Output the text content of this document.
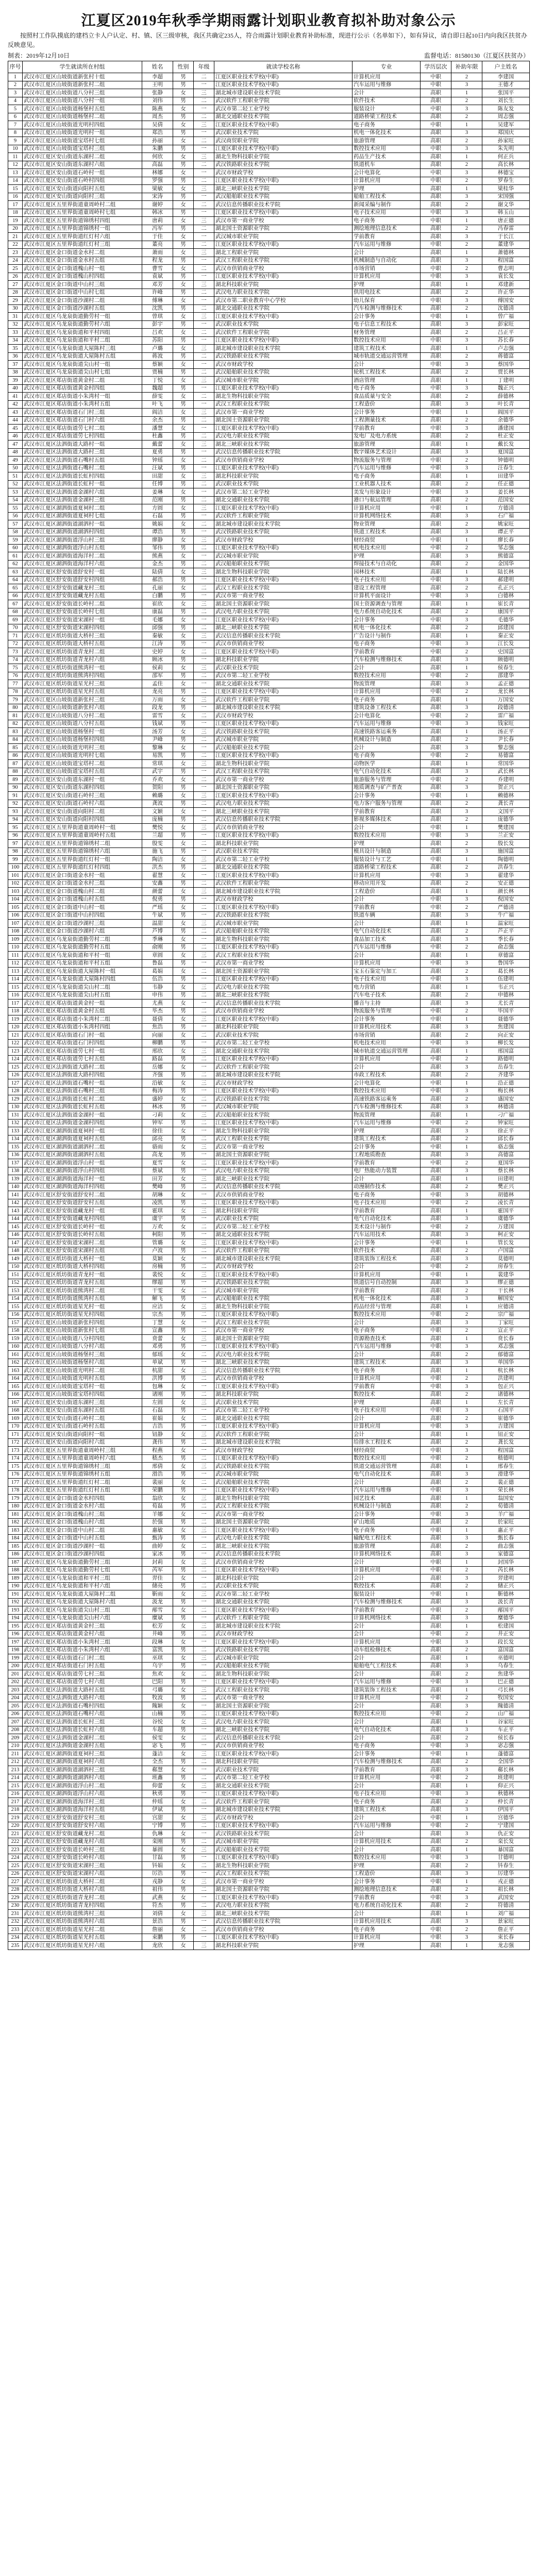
江夏区2019年秋季学期雨露计划职业教育拟补助对象公示
按照村工作队摸底的建档立卡人户认定、村、镇、区三级审核，我区共确定235人，符合雨露计划职业教育补助标准，现进行公示（名单如下），如有异议，请自即日起10日内向我区扶贫办反映意见。
制表：2019年12月10日	监督电话：81580130（江夏区扶贫办）
序号	学生就读所在村组	姓名	性别	年级	就读学校名称	专业	学历层次	补助年限	户主姓名
1	武汉市江夏区山坡街道新张村十组	李超	男	二	江夏区职业技术学校(中职)	计算机应用	中职	2	李建国
2	武汉市江夏区山坡街道新张村二组	王明	男	一	江夏区职业技术学校(中职)	汽车运用与维修	中职	3	王德才
3	武汉市江夏区山坡街道八分村三组	张静	女	三	湖北城市建设职业技术学院	会计	高职	1	张国平
4	武汉市江夏区山坡街道八分村一组	刘伟	男	二	武汉软件工程职业学院	软件技术	高职	2	刘长生
5	武汉市江夏区山坡街道杨堡村五组	陈燕	女	一	武汉市第二轻工业学校	服装设计	中职	3	陈友发
6	武汉市江夏区山坡街道杨堡村二组	周杰	男	二	湖北交通职业技术学院	道路桥梁工程技术	高职	2	周志强
7	武汉市江夏区山坡街道光明村四组	吴倩	女	三	江夏区职业技术学校(中职)	电子商务	中职	1	吴建军
8	武汉市江夏区山坡街道光明村一组	郑浩	男	一	武汉职业技术学院	机电一体化技术	高职	3	郑国庆
9	武汉市江夏区山坡街道宝塔村七组	孙丽	女	二	武汉商贸职业学院	旅游管理	高职	2	孙家旺
10	武汉市江夏区山坡街道宝塔村三组	朱鹏	男	一	江夏区职业技术学校(中职)	数控技术应用	中职	3	朱先明
11	武汉市江夏区安山街道东湖村二组	何欣	女	三	湖北生物科技职业学院	药品生产技术	高职	1	何正兵
12	武汉市江夏区安山街道东湖村六组	高磊	男	二	武汉铁路职业技术学院	铁道机车	高职	2	高长林
13	武汉市江夏区安山街道石岭村一组	林娜	女	一	武汉市财政学校	会计电算化	中职	3	林德宝
14	武汉市江夏区安山街道石岭村四组	罗强	男	二	江夏区职业技术学校(中职)	计算机应用	中职	2	罗春生
15	武汉市江夏区安山街道向阳村五组	梁敏	女	三	湖北三峡职业技术学院	护理	高职	1	梁桂华
16	武汉市江夏区安山街道向阳村三组	宋涛	男	一	武汉船舶职业技术学院	船舶工程技术	高职	3	宋国强
17	武汉市江夏区五里界街道童周岭村二组	谢婷	女	二	武汉信息传播职业技术学院	新闻采编与制作	高职	2	谢文华
18	武汉市江夏区五里界街道童周岭村七组	韩冰	男	一	江夏区职业技术学校(中职)	电子技术应用	中职	3	韩玉山
19	武汉市江夏区五里界街道锦绣村四组	唐莉	女	三	武汉市第一商业学校	电子商务	中职	1	唐正德
20	武汉市江夏区五里界街道锦绣村一组	冯军	男	二	湖北国土资源职业学院	测绘地理信息技术	高职	2	冯春雷
21	武汉市江夏区五里界街道红灯村六组	于佳	女	一	武汉城市职业学院	学前教育	高职	3	于长江
22	武汉市江夏区五里界街道红灯村三组	董亮	男	二	江夏区职业技术学校(中职)	汽车运用与维修	中职	2	董建华
23	武汉市江夏区金口街道金水村二组	萧雨	女	三	湖北工程职业学院	会计	高职	1	萧德林
24	武汉市江夏区金口街道金水村五组	程龙	男	一	武汉工程职业技术学院	机械制造与自动化	高职	3	程国富
25	武汉市江夏区金口街道槐山村一组	曹雪	女	二	武汉市供销商业学校	市场营销	中职	2	曹志明
26	武汉市江夏区金口街道槐山村四组	袁斌	男	一	江夏区职业技术学校(中职)	计算机应用	中职	3	袁长发
27	武汉市江夏区金口街道中山村三组	邓芳	女	三	湖北科技职业学院	护理	高职	1	邓建新
28	武汉市江夏区金口街道中山村七组	许峰	男	二	武汉电力职业技术学院	供用电技术	高职	2	许正华
29	武汉市江夏区金口街道沙湖村二组	傅琳	女	一	武汉市第二职业教育中心学校	幼儿保育	中职	3	傅国安
30	武汉市江夏区金口街道沙湖村五组	沈凯	男	二	湖北交通职业技术学院	汽车检测与维修技术	高职	2	沈德清
31	武汉市江夏区乌龙泉街道勤劳村一组	曾琪	女	三	江夏区职业技术学校(中职)	会计事务	中职	1	曾广福
32	武汉市江夏区乌龙泉街道勤劳村六组	彭宇	男	一	武汉职业技术学院	电子信息工程技术	高职	3	彭家旺
33	武汉市江夏区乌龙泉街道和平村四组	吕欢	女	二	武汉软件工程职业学院	财务管理	高职	2	吕正平
34	武汉市江夏区乌龙泉街道和平村二组	苏阳	男	一	江夏区职业技术学校(中职)	数控技术应用	中职	3	苏长春
35	武汉市江夏区乌龙泉街道大屋陈村三组	卢璐	女	三	湖北城市建设职业技术学院	建筑工程技术	高职	1	卢志强
36	武汉市江夏区乌龙泉街道大屋陈村五组	蒋波	男	二	武汉铁路职业技术学院	城市轨道交通运营管理	高职	2	蒋德富
37	武汉市江夏区乌龙泉街道尖山村一组	蔡颖	女	一	武汉市财政学校	会计	中职	3	蔡国华
38	武汉市江夏区乌龙泉街道尖山村七组	贾楠	男	二	武汉船舶职业技术学院	轮机工程技术	高职	2	贾长林
39	武汉市江夏区郑店街道黄金村二组	丁悦	女	三	武汉城市职业学院	酒店管理	高职	1	丁建明
40	武汉市江夏区郑店街道黄金村四组	魏超	男	一	江夏区职业技术学校(中职)	电子商务	中职	3	魏正兴
41	武汉市江夏区郑店街道小朱湾村一组	薛雯	女	二	湖北生物科技职业学院	食品质量与安全	高职	2	薛德林
42	武汉市江夏区郑店街道小朱湾村五组	叶飞	男	一	武汉工程职业技术学院	工程造价	高职	3	叶长青
43	武汉市江夏区郑店街道石门村三组	阎洁	女	三	武汉市第一商业学校	会计事务	中职	1	阎国平
44	武汉市江夏区郑店街道石门村六组	余杰	男	二	湖北国土资源职业学院	工程测量技术	高职	2	余德华
45	武汉市江夏区郑店街道劳七村二组	潘慧	女	一	江夏区职业技术学校(中职)	学前教育	中职	3	潘建国
46	武汉市江夏区郑店街道劳七村四组	杜鑫	男	二	武汉电力职业技术学院	发电厂及电力系统	高职	2	杜正安
47	武汉市江夏区法泗街道大路村一组	戴蕾	女	三	湖北三峡职业技术学院	旅游管理	高职	1	戴长发
48	武汉市江夏区法泗街道大路村三组	夏勇	男	一	武汉信息传播职业技术学院	数字媒体艺术设计	高职	3	夏国富
49	武汉市江夏区法泗街道石嘴村五组	钟瑶	女	二	武汉市供销商业学校	物流服务与管理	中职	2	钟德明
50	武汉市江夏区法泗街道石嘴村二组	汪斌	男	一	江夏区职业技术学校(中职)	汽车运用与维修	中职	3	汪春生
51	武汉市江夏区法泗街道长虹村四组	田甜	女	三	湖北科技职业学院	电子商务	高职	1	田建华
52	武汉市江夏区法泗街道长虹村一组	任博	男	二	武汉职业技术学院	工业机器人技术	高职	2	任正德
53	武汉市江夏区法泗街道金湖村六组	姜琳	女	一	武汉市第二轻工业学校	美发与形象设计	中职	3	姜长林
54	武汉市江夏区法泗街道金湖村三组	范刚	男	二	湖北交通职业技术学院	港口与航运管理	高职	2	范国安
55	武汉市江夏区湖泗街道夏祠村二组	方圆	女	三	江夏区职业技术学校(中职)	计算机应用	中职	1	方德清
56	武汉市江夏区湖泗街道夏祠村七组	石磊	男	一	武汉软件工程职业学院	计算机网络技术	高职	3	石广福
57	武汉市江夏区湖泗街道湖泗村一组	姚娟	女	二	湖北城市建设职业技术学院	物业管理	高职	2	姚家旺
58	武汉市江夏区湖泗街道湖泗村四组	谭浩	男	一	武汉铁路职业技术学院	铁道工程技术	高职	3	谭正平
59	武汉市江夏区湖泗街道浮山村三组	廖静	女	三	武汉市财政学校	财经商贸	中职	1	廖长春
60	武汉市江夏区湖泗街道浮山村五组	邹伟	男	二	江夏区职业技术学校(中职)	机电技术应用	中职	2	邹志强
61	武汉市江夏区湖泗街道海洋村二组	熊燕	女	一	武汉城市职业学院	护理	高职	3	熊德富
62	武汉市江夏区湖泗街道海洋村六组	金杰	男	二	武汉船舶职业技术学院	焊接技术与自动化	高职	2	金国华
63	武汉市江夏区舒安街道舒安村一组	陆倩	女	三	湖北生物科技职业学院	园林技术	高职	1	陆长林
64	武汉市江夏区舒安街道舒安村四组	郝浩	男	一	江夏区职业技术学校(中职)	电子技术应用	中职	3	郝建明
65	武汉市江夏区舒安街道藏龙村三组	孔丽	女	二	武汉工程职业技术学院	建设工程管理	高职	2	孔正兴
66	武汉市江夏区舒安街道藏龙村五组	白鹏	男	一	武汉市第一商业学校	计算机平面设计	中职	3	白德林
67	武汉市江夏区舒安街道长岭村二组	崔欣	女	三	湖北国土资源职业学院	国土资源调查与管理	高职	1	崔长青
68	武汉市江夏区舒安街道长岭村七组	康磊	男	二	武汉电力职业技术学院	电力系统自动化技术	高职	2	康国平
69	武汉市江夏区舒安街道宋湖村一组	毛娜	女	一	江夏区职业技术学校(中职)	会计事务	中职	3	毛德华
70	武汉市江夏区舒安街道宋湖村四组	邱强	男	二	湖北三峡职业技术学院	机电一体化技术	高职	2	邱建国
71	武汉市江夏区纸坊街道大桥村三组	秦敏	女	三	武汉信息传播职业技术学院	广告设计与制作	高职	1	秦正安
72	武汉市江夏区纸坊街道大桥村五组	江涛	男	一	武汉市供销商业学校	电子商务	中职	3	江长发
73	武汉市江夏区纸坊街道青龙村二组	史婷	女	二	江夏区职业技术学校(中职)	学前教育	中职	2	史国富
74	武汉市江夏区纸坊街道青龙村六组	顾冰	男	一	湖北科技职业学院	汽车检测与维修技术	高职	3	顾德明
75	武汉市江夏区纸坊街道熊湾村一组	侯莉	女	三	武汉职业技术学院	会计	高职	1	侯春生
76	武汉市江夏区纸坊街道熊湾村四组	邵军	男	二	武汉市第二轻工业学校	数控技术应用	中职	2	邵建华
77	武汉市江夏区纸坊街道星光村三组	孟佳	女	一	湖北交通职业技术学院	物流管理	高职	3	孟正德
78	武汉市江夏区纸坊街道星光村五组	龙亮	男	二	江夏区职业技术学校(中职)	计算机应用	中职	2	龙长林
79	武汉市江夏区山坡街道新张村三组	万雨	女	三	武汉软件工程职业学院	电子商务	高职	1	万国安
80	武汉市江夏区山坡街道新张村六组	段龙	男	一	湖北城市建设职业技术学院	建筑设备工程技术	高职	3	段德清
81	武汉市江夏区山坡街道八分村二组	雷雪	女	二	武汉市财政学校	会计电算化	中职	2	雷广福
82	武汉市江夏区山坡街道八分村五组	钱斌	男	一	江夏区职业技术学校(中职)	汽车运用与维修	中职	3	钱家旺
83	武汉市江夏区山坡街道杨堡村一组	汤芳	女	三	武汉铁路职业技术学院	高速铁路客运乘务	高职	1	汤正平
84	武汉市江夏区山坡街道杨堡村四组	尹峰	男	二	武汉城市职业学院	机械设计与制造	高职	2	尹长春
85	武汉市江夏区山坡街道光明村三组	黎琳	女	一	武汉船舶职业技术学院	会计	高职	3	黎志强
86	武汉市江夏区山坡街道光明村七组	易凯	男	二	江夏区职业技术学校(中职)	电子商务	中职	2	易德富
87	武汉市江夏区山坡街道宝塔村二组	常琪	女	三	湖北生物科技职业学院	动物医学	高职	1	常国华
88	武汉市江夏区山坡街道宝塔村五组	武宇	男	一	武汉工程职业技术学院	电气自动化技术	高职	3	武长林
89	武汉市江夏区安山街道东湖村一组	乔欢	女	二	武汉市第一商业学校	旅游服务与管理	中职	2	乔建明
90	武汉市江夏区安山街道东湖村四组	贺阳	男	一	湖北国土资源职业学院	地质调查与矿产普查	高职	3	贺正兴
91	武汉市江夏区安山街道石岭村三组	赖璐	女	三	江夏区职业技术学校(中职)	会计事务	中职	1	赖德林
92	武汉市江夏区安山街道石岭村六组	龚波	男	二	武汉电力职业技术学院	电力客户服务与管理	高职	2	龚长青
93	武汉市江夏区安山街道向阳村二组	文颖	女	一	湖北三峡职业技术学院	学前教育	高职	3	文国平
94	武汉市江夏区安山街道向阳村四组	庞楠	男	二	武汉信息传播职业技术学院	影视多媒体技术	高职	2	庞德华
95	武汉市江夏区五里界街道童周岭村一组	樊悦	女	三	武汉市供销商业学校	会计	中职	1	樊建国
96	武汉市江夏区五里界街道童周岭村五组	兰超	男	一	江夏区职业技术学校(中职)	数控技术应用	中职	3	兰正安
97	武汉市江夏区五里界街道锦绣村二组	殷雯	女	二	湖北科技职业学院	护理	高职	2	殷长发
98	武汉市江夏区五里界街道锦绣村六组	施飞	男	一	武汉职业技术学院	模具设计与制造	高职	3	施国富
99	武汉市江夏区五里界街道红灯村一组	陶洁	女	三	武汉市第二轻工业学校	服装设计与工艺	中职	1	陶德明
100	武汉市江夏区五里界街道红灯村四组	洪杰	男	二	湖北交通职业技术学院	道路桥梁工程技术	高职	2	洪春生
101	武汉市江夏区金口街道金水村一组	翟慧	女	一	江夏区职业技术学校(中职)	计算机应用	中职	3	翟建华
102	武汉市江夏区金口街道金水村三组	安鑫	男	二	武汉软件工程职业学院	移动应用开发	高职	2	安正德
103	武汉市江夏区金口街道槐山村二组	颜蕾	女	三	湖北城市建设职业技术学院	工程造价	高职	1	颜长林
104	武汉市江夏区金口街道槐山村五组	倪勇	男	一	武汉市财政学校	会计	中职	3	倪国安
105	武汉市江夏区金口街道中山村一组	严瑶	女	二	江夏区职业技术学校(中职)	学前教育	中职	2	严德清
106	武汉市江夏区金口街道中山村四组	牛斌	男	一	武汉铁路职业技术学院	铁道车辆	高职	3	牛广福
107	武汉市江夏区金口街道沙湖村三组	温甜	女	三	武汉城市职业学院	会计	高职	1	温家旺
108	武汉市江夏区金口街道沙湖村六组	芦博	男	二	武汉船舶职业技术学院	电气自动化技术	高职	2	芦正平
109	武汉市江夏区乌龙泉街道勤劳村二组	季琳	女	一	湖北生物科技职业学院	食品加工技术	高职	3	季长春
110	武汉市江夏区乌龙泉街道勤劳村五组	俞刚	男	二	江夏区职业技术学校(中职)	汽车运用与维修	中职	2	俞志强
111	武汉市江夏区乌龙泉街道和平村一组	章圆	女	三	武汉工程职业技术学院	会计	高职	1	章德富
112	武汉市江夏区乌龙泉街道和平村五组	鲁磊	男	一	武汉市第一商业学校	计算机应用	中职	3	鲁国华
113	武汉市江夏区乌龙泉街道大屋陈村一组	葛娟	女	二	湖北国土资源职业学院	宝玉石鉴定与加工	高职	2	葛长林
114	武汉市江夏区乌龙泉街道大屋陈村四组	伍浩	男	一	江夏区职业技术学校(中职)	电子技术应用	中职	3	伍建明
115	武汉市江夏区乌龙泉街道尖山村二组	韦静	女	三	武汉电力职业技术学院	电力营销	高职	1	韦正兴
116	武汉市江夏区乌龙泉街道尖山村五组	申伟	男	二	湖北三峡职业技术学院	汽车电子技术	高职	2	申德林
117	武汉市江夏区郑店街道黄金村一组	尤燕	女	一	武汉信息传播职业技术学院	播音与主持	高职	3	尤长青
118	武汉市江夏区郑店街道黄金村五组	毕杰	男	二	武汉市供销商业学校	物流服务与管理	中职	2	毕国平
119	武汉市江夏区郑店街道小朱湾村二组	聂倩	女	三	江夏区职业技术学校(中职)	会计事务	中职	1	聂德华
120	武汉市江夏区郑店街道小朱湾村四组	焦浩	男	一	湖北科技职业学院	计算机应用技术	高职	3	焦建国
121	武汉市江夏区郑店街道石门村一组	向丽	女	二	武汉职业技术学院	市场营销	高职	2	向正安
122	武汉市江夏区郑店街道石门村四组	柳鹏	男	一	武汉市第二轻工业学校	机电技术应用	中职	3	柳长发
123	武汉市江夏区郑店街道劳七村一组	邢欣	女	三	湖北交通职业技术学院	城市轨道交通运营管理	高职	1	邢国富
124	武汉市江夏区郑店街道劳七村五组	路磊	男	二	江夏区职业技术学校(中职)	计算机应用	中职	2	路德明
125	武汉市江夏区法泗街道大路村二组	岳娜	女	一	武汉软件工程职业学院	会计	高职	3	岳春生
126	武汉市江夏区法泗街道大路村四组	齐强	男	二	湖北城市建设职业技术学院	市政工程技术	高职	2	齐建华
127	武汉市江夏区法泗街道石嘴村一组	沿敏	女	三	武汉市财政学校	会计电算化	中职	1	沿正德
128	武汉市江夏区法泗街道石嘴村三组	梅涛	男	一	江夏区职业技术学校(中职)	数控技术应用	中职	3	梅长林
129	武汉市江夏区法泗街道长虹村二组	盛婷	女	二	武汉铁路职业技术学院	高速铁路客运乘务	高职	2	盛国安
130	武汉市江夏区法泗街道长虹村五组	林冰	男	一	武汉城市职业学院	汽车检测与维修技术	高职	3	林德清
131	武汉市江夏区法泗街道金湖村一组	刁莉	女	三	武汉船舶职业技术学院	物流管理	高职	1	刁广福
132	武汉市江夏区法泗街道金湖村四组	钟军	男	二	江夏区职业技术学校(中职)	汽车运用与维修	中职	2	钟家旺
133	武汉市江夏区湖泗街道夏祠村一组	徐佳	女	一	湖北生物科技职业学院	护理	高职	3	徐正平
134	武汉市江夏区湖泗街道夏祠村五组	邱亮	男	二	武汉工程职业技术学院	建筑工程技术	高职	2	邱长春
135	武汉市江夏区湖泗街道湖泗村二组	骆雨	女	三	武汉市第一商业学校	会计事务	中职	1	骆志强
136	武汉市江夏区湖泗街道湖泗村五组	高龙	男	一	湖北国土资源职业学院	工程地质勘查	高职	3	高德富
137	武汉市江夏区湖泗街道浮山村一组	夏雪	女	二	江夏区职业技术学校(中职)	学前教育	中职	2	夏国华
138	武汉市江夏区湖泗街道浮山村四组	蔡斌	男	一	武汉电力职业技术学院	电厂热能动力装置	高职	3	蔡长林
139	武汉市江夏区湖泗街道海洋村一组	田芳	女	三	湖北三峡职业技术学院	会计	高职	1	田建明
140	武汉市江夏区湖泗街道海洋村四组	樊峰	男	二	武汉信息传播职业技术学院	动漫制作技术	高职	2	樊正兴
141	武汉市江夏区舒安街道舒安村二组	胡琳	女	一	武汉市供销商业学校	电子商务	中职	3	胡德林
142	武汉市江夏区舒安街道舒安村五组	凌凯	男	二	江夏区职业技术学校(中职)	电子技术应用	中职	2	凌长青
143	武汉市江夏区舒安街道藏龙村一组	霍琪	女	三	湖北科技职业学院	学前教育	高职	1	霍国平
144	武汉市江夏区舒安街道藏龙村四组	虞宇	男	一	武汉职业技术学院	电气自动化技术	高职	3	虞德华
145	武汉市江夏区舒安街道长岭村一组	万欢	女	二	武汉市第二轻工业学校	美术设计与制作	中职	2	万建国
146	武汉市江夏区舒安街道长岭村五组	柯阳	男	一	湖北交通职业技术学院	汽车运用技术	高职	3	柯正安
147	武汉市江夏区舒安街道宋湖村二组	管璐	女	三	江夏区职业技术学校(中职)	会计事务	中职	1	管长发
148	武汉市江夏区舒安街道宋湖村五组	卢波	男	二	武汉软件工程职业学院	软件技术	高职	2	卢国富
149	武汉市江夏区纸坊街道大桥村一组	莫颖	女	一	湖北城市建设职业技术学院	建筑装饰工程技术	高职	3	莫德明
150	武汉市江夏区纸坊街道大桥村四组	房楠	男	二	武汉市财政学校	会计	中职	2	房春生
151	武汉市江夏区纸坊街道青龙村一组	裴悦	女	三	江夏区职业技术学校(中职)	计算机应用	中职	1	裴建华
152	武汉市江夏区纸坊街道青龙村五组	缪超	男	一	武汉铁路职业技术学院	铁道信号自动控制	高职	3	缪正德
153	武汉市江夏区纸坊街道熊湾村二组	干雯	女	二	武汉城市职业学院	学前教育	高职	2	干长林
154	武汉市江夏区纸坊街道熊湾村五组	解飞	男	一	武汉船舶职业技术学院	机电一体化技术	高职	3	解国安
155	武汉市江夏区纸坊街道星光村一组	应洁	女	三	湖北生物科技职业学院	药品经营与管理	高职	1	应德清
156	武汉市江夏区纸坊街道星光村四组	宗杰	男	二	江夏区职业技术学校(中职)	数控技术应用	中职	2	宗广福
157	武汉市江夏区山坡街道新张村四组	丁慧	女	一	武汉工程职业技术学院	会计	高职	3	丁家旺
158	武汉市江夏区山坡街道新张村七组	宣鑫	男	二	武汉市第一商业学校	电子商务	中职	2	宣正平
159	武汉市江夏区山坡街道八分村四组	贲蕾	女	三	湖北国土资源职业学院	资源勘查技术	高职	1	贲长春
160	武汉市江夏区山坡街道八分村六组	邓勇	男	一	江夏区职业技术学校(中职)	汽车运用与维修	中职	3	邓志强
161	武汉市江夏区山坡街道杨堡村三组	郁瑶	女	二	武汉电力职业技术学院	会计	高职	2	郁德富
162	武汉市江夏区山坡街道杨堡村六组	单斌	男	一	湖北三峡职业技术学院	建筑工程技术	高职	3	单国华
163	武汉市江夏区山坡街道光明村二组	杭甜	女	三	武汉信息传播职业技术学院	电子商务	高职	1	杭长林
164	武汉市江夏区山坡街道光明村五组	洪博	男	二	武汉市供销商业学校	计算机应用	中职	2	洪建明
165	武汉市江夏区山坡街道宝塔村一组	包琳	女	一	江夏区职业技术学校(中职)	学前教育	中职	3	包正兴
166	武汉市江夏区山坡街道宝塔村四组	诸刚	男	二	湖北科技职业学院	数控技术	高职	2	诸德林
167	武汉市江夏区安山街道东湖村三组	左圆	女	三	武汉职业技术学院	护理	高职	1	左长青
168	武汉市江夏区安山街道东湖村五组	石磊	男	一	武汉市第二轻工业学校	电子技术应用	中职	3	石国平
169	武汉市江夏区安山街道石岭村二组	崔娟	女	二	湖北交通职业技术学院	会计	高职	2	崔德华
170	武汉市江夏区安山街道石岭村五组	吉浩	男	一	江夏区职业技术学校(中职)	计算机应用	中职	3	吉建国
171	武汉市江夏区安山街道向阳村一组	钮静	女	三	武汉软件工程职业学院	会计	高职	1	钮正安
172	武汉市江夏区安山街道向阳村六组	龚伟	男	二	湖北城市建设职业技术学院	给排水工程技术	高职	2	龚长发
173	武汉市江夏区五里界街道童周岭村三组	程燕	女	一	武汉市财政学校	财经商贸	中职	3	程国富
174	武汉市江夏区五里界街道童周岭村六组	嵇杰	男	二	江夏区职业技术学校(中职)	数控技术应用	中职	2	嵇德明
175	武汉市江夏区五里界街道锦绣村三组	邢倩	女	三	武汉铁路职业技术学院	铁道交通运营管理	高职	1	邢春生
176	武汉市江夏区五里界街道锦绣村五组	滑浩	男	一	武汉城市职业学院	电气自动化技术	高职	3	滑建华
177	武汉市江夏区五里界街道红灯村二组	裴丽	女	二	武汉船舶职业技术学院	会计	高职	2	裴正德
178	武汉市江夏区五里界街道红灯村五组	荣鹏	男	一	江夏区职业技术学校(中职)	汽车运用与维修	中职	3	荣长林
179	武汉市江夏区金口街道金水村四组	翁欣	女	三	湖北生物科技职业学院	园艺技术	高职	1	翁国安
180	武汉市江夏区金口街道金水村六组	荀磊	男	二	武汉工程职业技术学院	机械设计与制造	高职	2	荀德清
181	武汉市江夏区金口街道槐山村三组	羊娜	女	一	武汉市第一商业学校	会计事务	中职	3	羊广福
182	武汉市江夏区金口街道槐山村六组	於强	男	二	湖北国土资源职业学院	矿山地质	高职	2	於家旺
183	武汉市江夏区金口街道中山村二组	惠敏	女	三	江夏区职业技术学校(中职)	电子商务	中职	1	惠正平
184	武汉市江夏区金口街道中山村五组	甄涛	男	一	武汉电力职业技术学院	输配电工程技术	高职	3	甄长春
185	武汉市江夏区金口街道沙湖村一组	曲婷	女	二	湖北三峡职业技术学院	旅游管理	高职	2	曲志强
186	武汉市江夏区金口街道沙湖村四组	家冰	男	一	武汉信息传播职业技术学院	计算机网络技术	高职	3	家德富
187	武汉市江夏区乌龙泉街道勤劳村三组	封莉	女	三	武汉市供销商业学校	会计	中职	1	封国华
188	武汉市江夏区乌龙泉街道勤劳村七组	芮军	男	二	江夏区职业技术学校(中职)	计算机应用	中职	2	芮长林
189	武汉市江夏区乌龙泉街道和平村三组	羿佳	女	一	湖北科技职业学院	会计	高职	3	羿建明
190	武汉市江夏区乌龙泉街道和平村六组	储亮	男	二	武汉职业技术学院	数控技术	高职	2	储正兴
191	武汉市江夏区乌龙泉街道大屋陈村二组	靳雨	女	三	武汉市第二轻工业学校	服装设计	中职	1	靳德林
192	武汉市江夏区乌龙泉街道大屋陈村六组	汲龙	男	一	湖北交通职业技术学院	汽车检测与维修技术	高职	3	汲长青
193	武汉市江夏区乌龙泉街道尖山村三组	邴雪	女	二	江夏区职业技术学校(中职)	学前教育	中职	2	邴国平
194	武汉市江夏区乌龙泉街道尖山村六组	糜斌	男	一	武汉软件工程职业学院	计算机网络技术	高职	3	糜德华
195	武汉市江夏区郑店街道黄金村三组	松芳	女	三	湖北城市建设职业技术学院	会计	高职	1	松建国
196	武汉市江夏区郑店街道黄金村六组	井峰	男	二	武汉市财政学校	会计	中职	2	井正安
197	武汉市江夏区郑店街道小朱湾村三组	段琳	女	一	江夏区职业技术学校(中职)	计算机应用	中职	3	段长发
198	武汉市江夏区郑店街道小朱湾村六组	富凯	男	二	武汉铁路职业技术学院	动车组检修技术	高职	2	富国富
199	武汉市江夏区郑店街道石门村二组	巫琪	女	三	武汉城市职业学院	会计	高职	1	巫德明
200	武汉市江夏区郑店街道石门村五组	乌宇	男	一	武汉船舶职业技术学院	船舶电气工程技术	高职	3	乌春生
201	武汉市江夏区郑店街道劳七村三组	焦欢	女	二	湖北生物科技职业学院	会计	高职	2	焦建华
202	武汉市江夏区郑店街道劳七村六组	巴阳	男	一	江夏区职业技术学校(中职)	汽车运用与维修	中职	3	巴正德
203	武汉市江夏区法泗街道大路村五组	弓璐	女	三	武汉工程职业技术学院	建筑装饰工程技术	高职	1	弓长林
204	武汉市江夏区法泗街道大路村六组	牧波	男	二	武汉市第一商业学校	计算机应用	中职	2	牧国安
205	武汉市江夏区法泗街道石嘴村四组	隗颖	女	一	湖北国土资源职业学院	会计	高职	3	隗德清
206	武汉市江夏区法泗街道石嘴村六组	山楠	男	二	江夏区职业技术学校(中职)	数控技术应用	中职	2	山广福
207	武汉市江夏区法泗街道长虹村三组	谷悦	女	三	武汉电力职业技术学院	会计	高职	1	谷家旺
208	武汉市江夏区法泗街道长虹村六组	车超	男	一	湖北三峡职业技术学院	电气自动化技术	高职	3	车正平
209	武汉市江夏区法泗街道金湖村二组	侯雯	女	二	武汉信息传播职业技术学院	会计	高职	2	侯长春
210	武汉市江夏区法泗街道金湖村五组	宓飞	男	一	武汉市供销商业学校	电子商务	中职	3	宓志强
211	武汉市江夏区湖泗街道夏祠村三组	蓬洁	女	三	江夏区职业技术学校(中职)	会计事务	中职	1	蓬德富
212	武汉市江夏区湖泗街道夏祠村六组	全杰	男	二	湖北科技职业学院	汽车检测与维修技术	高职	2	全国华
213	武汉市江夏区湖泗街道湖泗村三组	郗慧	女	一	武汉职业技术学院	学前教育	高职	3	郗长林
214	武汉市江夏区湖泗街道湖泗村六组	班鑫	男	二	武汉市第二轻工业学校	计算机应用	中职	2	班建明
215	武汉市江夏区湖泗街道浮山村二组	仰蕾	女	三	湖北交通职业技术学院	会计	高职	1	仰正兴
216	武汉市江夏区湖泗街道浮山村六组	秋勇	男	一	江夏区职业技术学校(中职)	电子技术应用	中职	3	秋德林
217	武汉市江夏区湖泗街道海洋村三组	仲瑶	女	二	武汉软件工程职业学院	电子商务	高职	2	仲长青
218	武汉市江夏区湖泗街道海洋村五组	伊斌	男	一	湖北城市建设职业技术学院	建筑工程技术	高职	3	伊国平
219	武汉市江夏区舒安街道舒安村三组	宫甜	女	三	武汉市财政学校	会计	中职	1	宫德华
220	武汉市江夏区舒安街道舒安村六组	宁博	男	二	江夏区职业技术学校(中职)	汽车运用与维修	中职	2	宁建国
221	武汉市江夏区舒安街道藏龙村二组	仇琳	女	一	武汉铁路职业技术学院	会计	高职	3	仇正安
222	武汉市江夏区舒安街道藏龙村六组	栾刚	男	二	武汉城市职业学院	计算机应用技术	高职	2	栾长发
223	武汉市江夏区舒安街道长岭村三组	暴圆	女	三	武汉船舶职业技术学院	会计	高职	1	暴国富
224	武汉市江夏区舒安街道长岭村六组	甘磊	男	一	江夏区职业技术学校(中职)	数控技术应用	中职	3	甘德明
225	武汉市江夏区舒安街道宋湖村三组	钭娟	女	二	湖北生物科技职业学院	护理	高职	2	钭春生
226	武汉市江夏区舒安街道宋湖村六组	厉浩	男	一	武汉工程职业技术学院	工程造价	高职	3	厉建华
227	武汉市江夏区纸坊街道大桥村二组	戎静	女	三	武汉市第一商业学校	会计事务	中职	1	戎正德
228	武汉市江夏区纸坊街道大桥村六组	祖伟	男	二	湖北国土资源职业学院	测绘地理信息技术	高职	2	祖长林
229	武汉市江夏区纸坊街道青龙村二组	武燕	女	一	江夏区职业技术学校(中职)	学前教育	中职	3	武国安
230	武汉市江夏区纸坊街道青龙村四组	符杰	男	二	武汉电力职业技术学院	电力系统自动化技术	高职	2	符德清
231	武汉市江夏区纸坊街道熊湾村三组	刘倩	女	三	湖北三峡职业技术学院	会计	高职	1	刘广福
232	武汉市江夏区纸坊街道熊湾村六组	景浩	男	一	武汉信息传播职业技术学院	计算机应用技术	高职	3	景家旺
233	武汉市江夏区纸坊街道星光村二组	詹丽	女	二	武汉市供销商业学校	电子商务	中职	2	詹正平
234	武汉市江夏区纸坊街道星光村五组	束鹏	男	一	江夏区职业技术学校(中职)	计算机应用	中职	3	束长春
235	武汉市江夏区纸坊街道星光村六组	龙欣	女	三	湖北科技职业学院	护理	高职	1	龙志强
